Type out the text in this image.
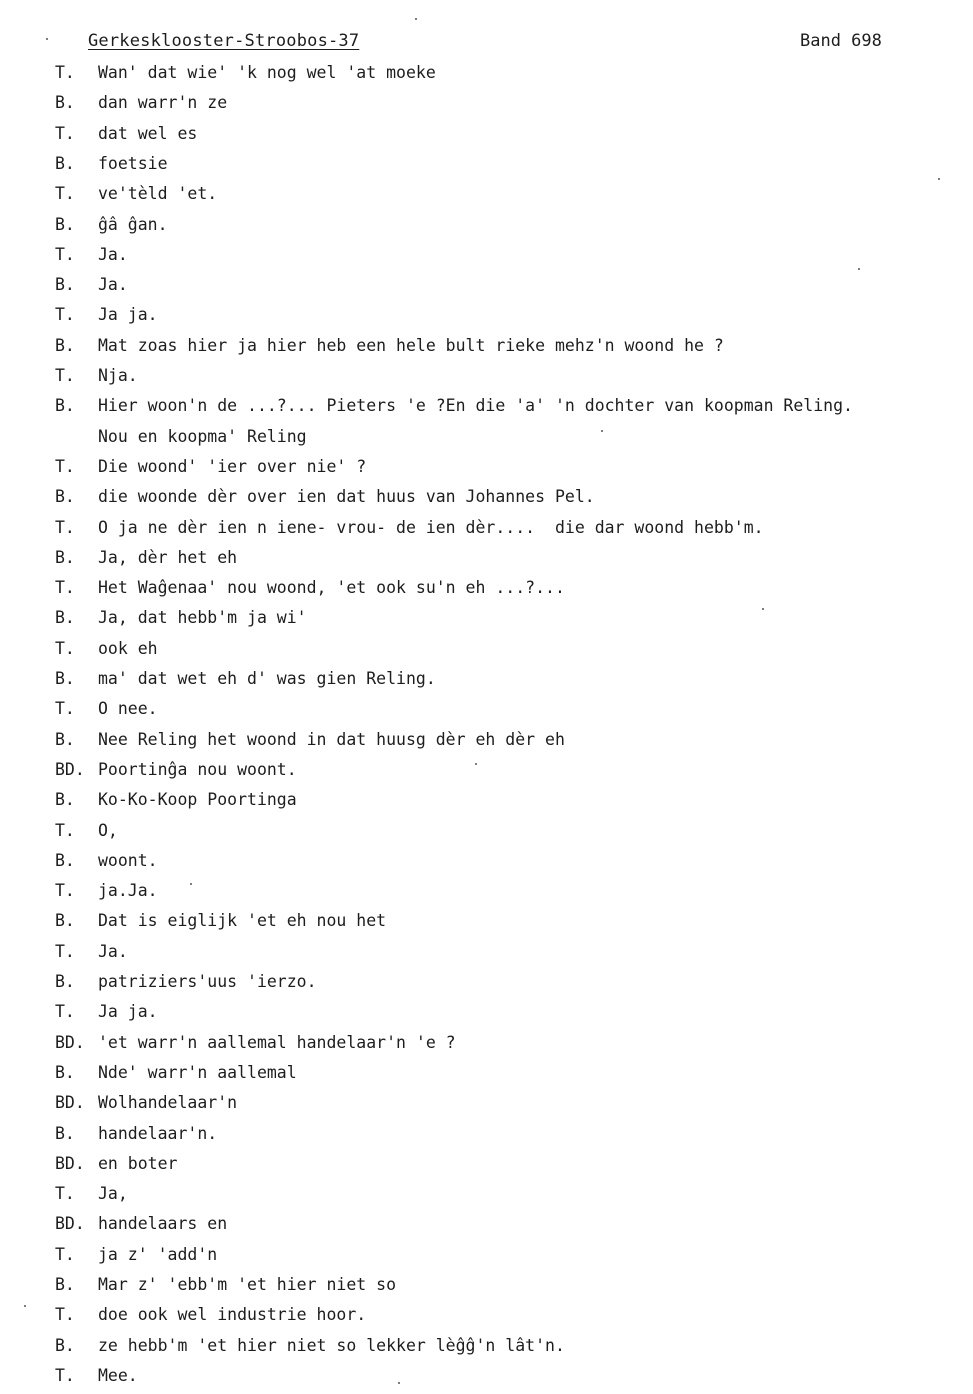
Gerkesklooster-Stroobos-37	Band 698
T. Wan' dat wie' 'k nog wel 'at moeke
B. dan warr'n ze
T. dat wel es
B. foetsie
T. ve'tèld 'et.
B. ĝâ ĝan.
T. Ja.
B. Ja.
T. Ja ja.
B. Mat zoas hier ja hier heb een hele bult rieke mehz'n woond he ?
T. Nja.
B. Hier woon'n de ...?... Pieters 'e ?En die 'a' 'n dochter van koopman Reling.
Nou en koopma' Reling
T. Die woond' 'ier over nie' ?
B. die woonde dèr over ien dat huus van Johannes Pel.
T. O ja ne dèr ien n iene- vrou- de ien dèr....  die dar woond hebb'm.
B. Ja, dèr het eh
T. Het Waĝenaa' nou woond, 'et ook su'n eh ...?...
B. Ja, dat hebb'm ja wi'
T. ook eh
B. ma' dat wet eh d' was gien Reling.
T. O nee.
B. Nee Reling het woond in dat huusg dèr eh dèr eh
BD. Poortinĝa nou woont.
B. Ko-Ko-Koop Poortinga
T. O,
B. woont.
T. ja.Ja.
B. Dat is eiglijk 'et eh nou het
T. Ja.
B. patriziers'uus 'ierzo.
T. Ja ja.
BD. 'et warr'n aallemal handelaar'n 'e ?
B. Nde' warr'n aallemal
BD. Wolhandelaar'n
B. handelaar'n.
BD. en boter
T. Ja,
BD. handelaars en
T. ja z' 'add'n
B. Mar z' 'ebb'm 'et hier niet so
T. doe ook wel industrie hoor.
B. ze hebb'm 'et hier niet so lekker lèĝĝ'n lât'n.
T. Mee.
